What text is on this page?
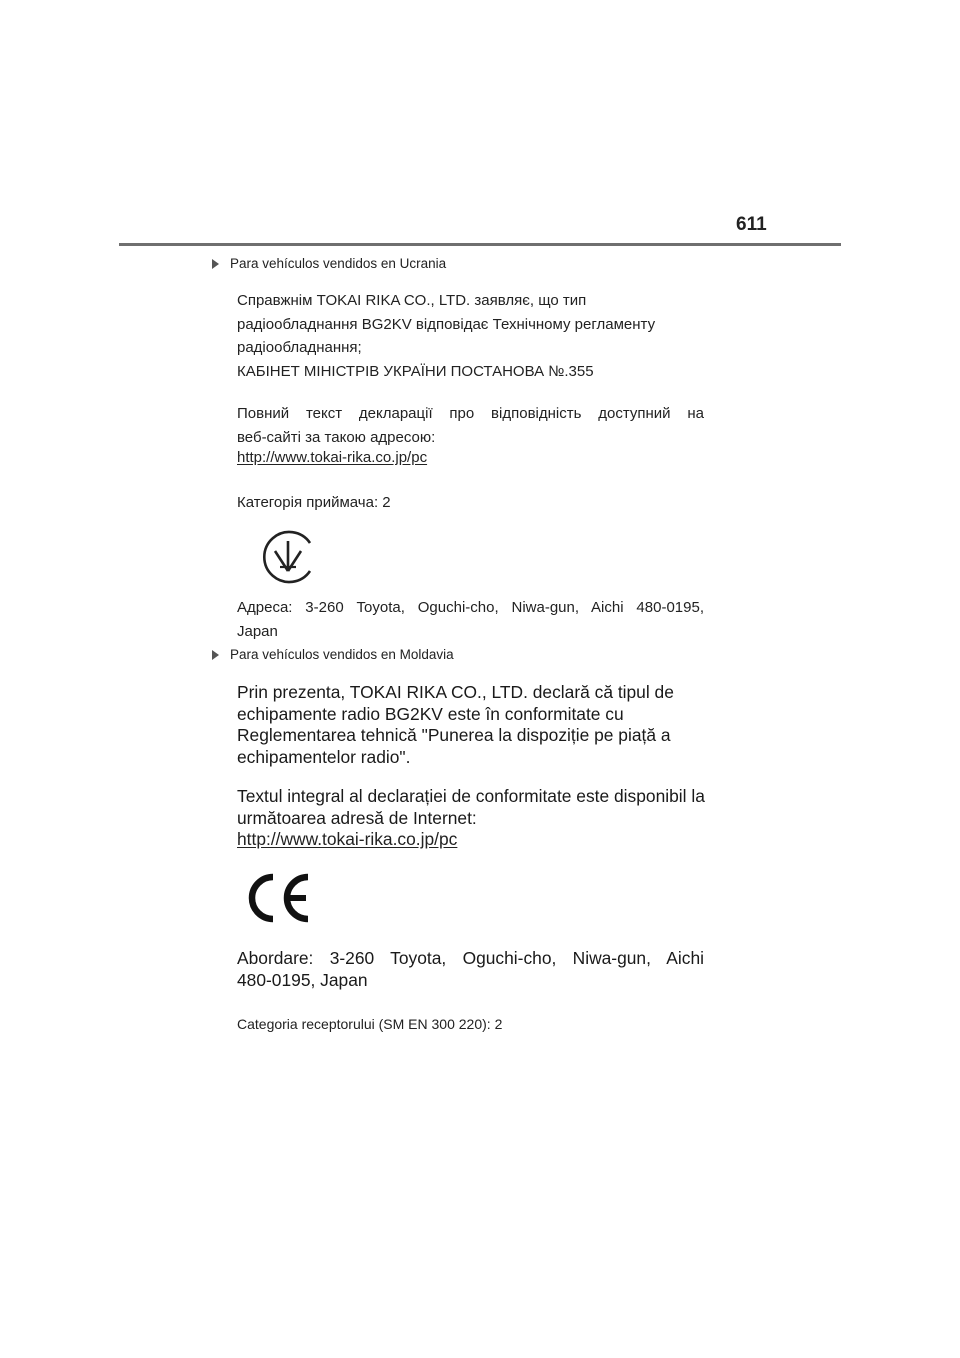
611
Para vehículos vendidos en Ucrania

Справжнім TOKAI RIKA CO., LTD. заявляє, що тип

радіообладнання BG2KV відповідає Технічному регламенту

радіообладнання;

КАБІНЕТ МІНІСТРІВ УКРАЇНИ ПОСТАНОВА №.355

Повний текст декларації про відповідність доступний на

веб-сайті за такою адресою:

http://www.tokai-rika.co.jp/pc
Категорія приймача: 2

Адреса: 3-260 Toyota, Oguchi-cho, Niwa-gun, Aichi 480-0195,

Japan

Para vehículos vendidos en Moldavia

Prin prezenta, TOKAI RIKA CO., LTD. declară că tipul de

echipamente radio BG2KV este în conformitate cu

Reglementarea tehnică "Punerea la dispoziție pe piață a

echipamentelor radio".

Textul integral al declarației de conformitate este disponibil la

următoarea adresă de Internet:

http://www.tokai-rika.co.jp/pc

Abordare: 3-260 Toyota, Oguchi-cho, Niwa-gun, Aichi

480-0195, Japan

Categoria receptorului (SM EN 300 220): 2
